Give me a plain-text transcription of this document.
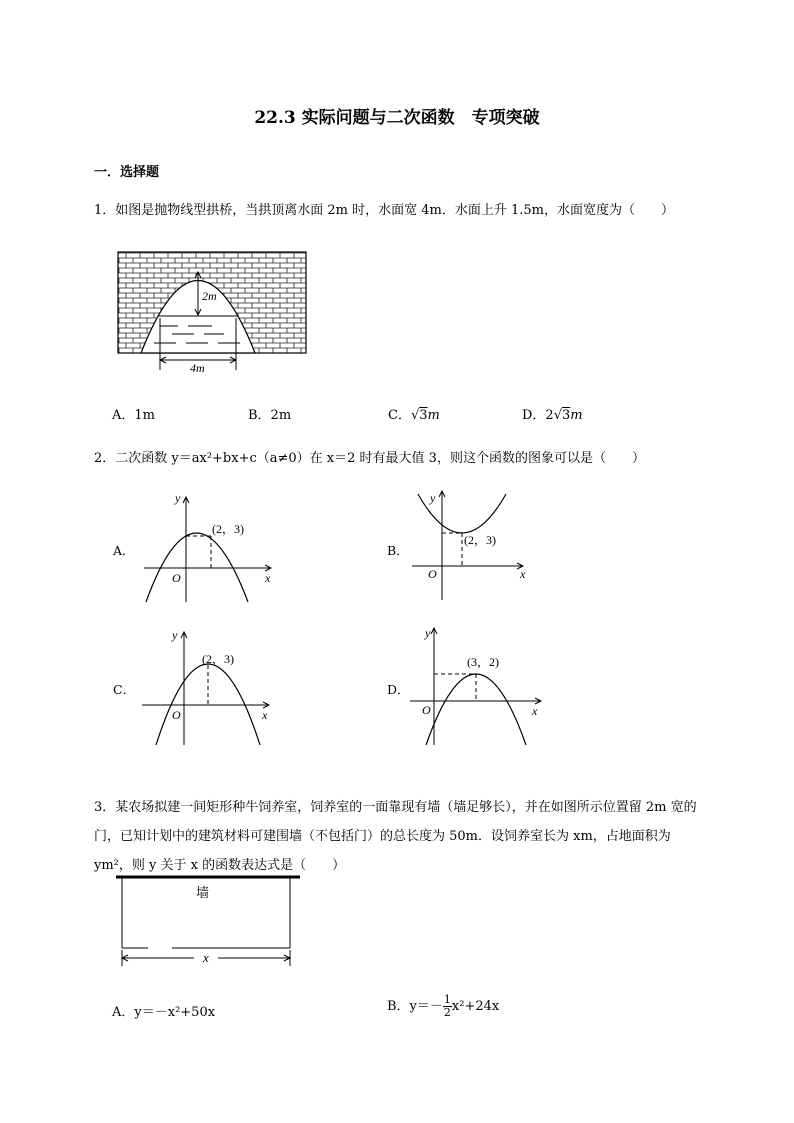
22.3 实际问题与二次函数　专项突破
一．选择题
1．如图是抛物线型拱桥，当拱顶离水面 2m 时，水面宽 4m．水面上升 1.5m，水面宽度为（　　）
2m
4m
A．1m	B．2m	C．√3m	D．2√3m
2．二次函数 y＝ax²+bx+c（a≠0）在 x＝2 时有最大值 3，则这个函数的图象可以是（　　）
A．
x
y
O
(2，3)
B．
x
y
O
(2，3)
C．
x
y
O
(2，3)
D．
x
y
O
(3，2)
3．某农场拟建一间矩形种牛饲养室，饲养室的一面靠现有墙（墙足够长），并在如图所示位置留 2m 宽的门，已知计划中的建筑材料可建围墙（不包括门）的总长度为 50m．设饲养室长为 xm，占地面积为 ym²，则 y 关于 x 的函数表达式是（　　）
墙
x
A．y＝－x²+50x	B．$y=- \frac{1}{2} x^2+24x$
